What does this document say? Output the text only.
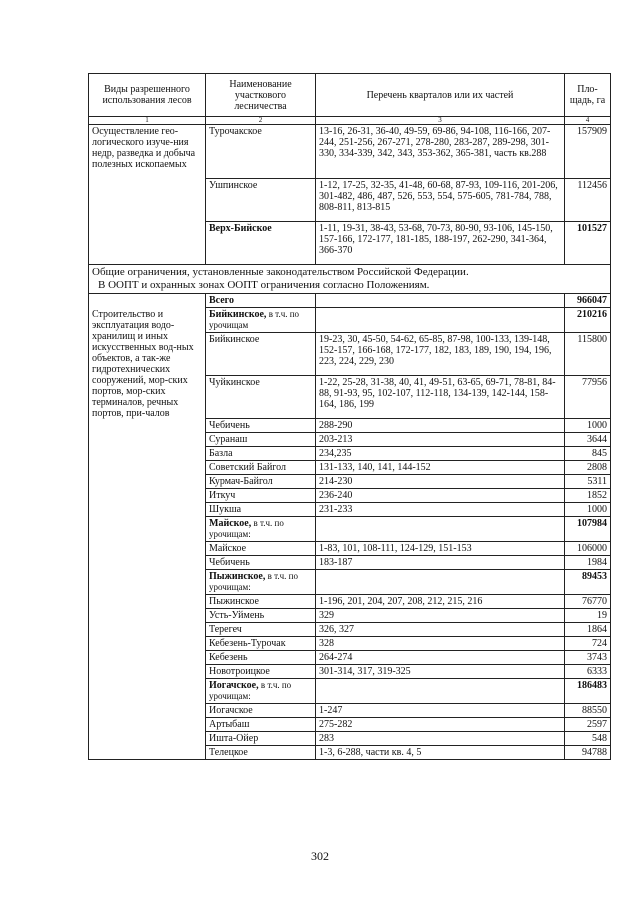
Виды разрешенного использования лесов	Наименование участкового лесничества	Перечень кварталов или их частей	Пло-щадь, га
1	2	3	4
Осуществление гео-логического изуче-ния недр, разведка и добыча полезных ископаемых	Турочакское	13-16, 26-31, 36-40, 49-59, 69-86, 94-108, 116-166, 207-244, 251-256, 267-271, 278-280, 283-287, 289-298, 301-330, 334-339, 342, 343, 353-362, 365-381, часть кв.288	157909
	Ушпинское	1-12, 17-25, 32-35, 41-48, 60-68, 87-93, 109-116, 201-206, 301-482, 486, 487, 526, 553, 554, 575-605, 781-784, 788, 808-811, 813-815	112456
	Верх-Бийское	1-11, 19-31, 38-43, 53-68, 70-73, 80-90, 93-106, 145-150, 157-166, 172-177, 181-185, 188-197, 262-290, 341-364, 366-370	101527

Общие ограничения, установленные законодательством Российской Федерации.
В ООПТ и охранных зонах ООПТ ограничения согласно Положениям.			

	Всего		966047
Строительство и эксплуатация водо-хранилищ и иных искусственных вод-ных объектов, а так-же гидротехнических сооружений, мор-ских портов, мор-ских терминалов, речных портов, при-чалов	Бийкинское, в т.ч. по урочищам		210216
	Бийкинское	19-23, 30, 45-50, 54-62, 65-85, 87-98, 100-133, 139-148, 152-157, 166-168, 172-177, 182, 183, 189, 190, 194, 196, 223, 224, 229, 230	115800
	Чуйкинское	1-22, 25-28, 31-38, 40, 41, 49-51, 63-65, 69-71, 78-81, 84-88, 91-93, 95, 102-107, 112-118, 134-139, 142-144, 158-164, 186, 199	77956
	Чебичень	288-290	1000
	Суранаш	203-213	3644
	Базла	234,235	845
	Советский Байгол	131-133, 140, 141, 144-152	2808
	Курмач-Байгол	214-230	5311
	Иткуч	236-240	1852
	Шукша	231-233	1000
	Майское, в т.ч. по урочищам:		107984
	Майское	1-83, 101, 108-111, 124-129, 151-153	106000
	Чебичень	183-187	1984
	Пыжинское, в т.ч. по урочищам:		89453
	Пыжинское	1-196, 201, 204, 207, 208, 212, 215, 216	76770
	Усть-Уймень	329	19
	Терегеч	326, 327	1864
	Кебезень-Турочак	328	724
	Кебезень	264-274	3743
	Новотроицкое	301-314, 317, 319-325	6333
	Иогачское, в т.ч. по урочищам:		186483
	Иогачское	1-247	88550
	Артыбаш	275-282	2597
	Ишта-Ойер	283	548
	Телецкое	1-3, 6-288, части кв. 4, 5	94788
302
